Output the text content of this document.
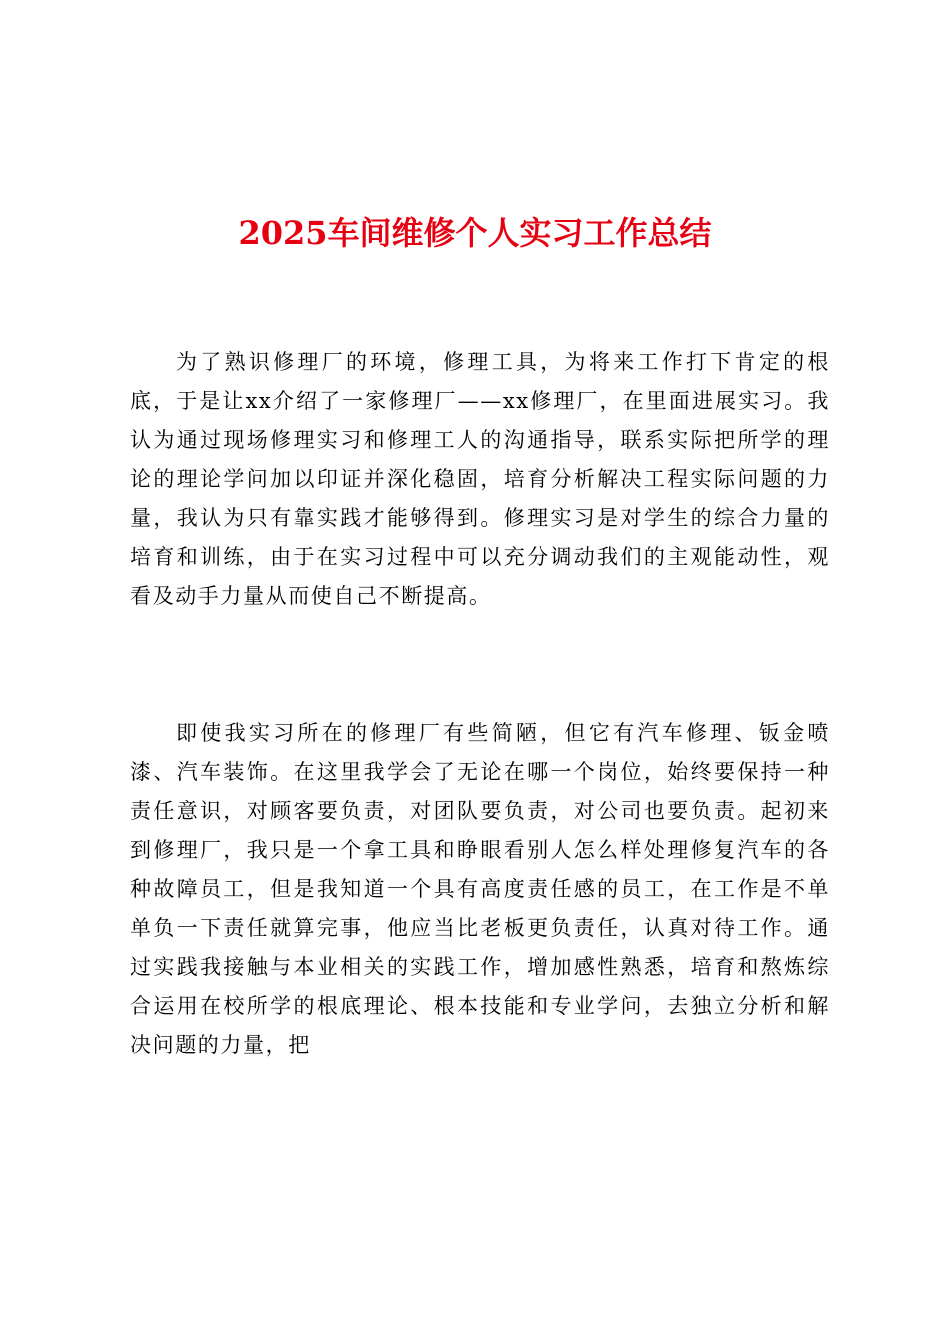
2025车间维修个人实习工作总结

为了熟识修理厂的环境，修理工具，为将来工作打下肯定的根底，于是让xx介绍了一家修理厂——xx修理厂，在里面进展实习。我认为通过现场修理实习和修理工人的沟通指导，联系实际把所学的理论的理论学问加以印证并深化稳固，培育分析解决工程实际问题的力量，我认为只有靠实践才能够得到。修理实习是对学生的综合力量的培育和训练，由于在实习过程中可以充分调动我们的主观能动性，观看及动手力量从而使自己不断提高。

即使我实习所在的修理厂有些简陋，但它有汽车修理、钣金喷漆、汽车装饰。在这里我学会了无论在哪一个岗位，始终要保持一种责任意识，对顾客要负责，对团队要负责，对公司也要负责。起初来到修理厂，我只是一个拿工具和睁眼看别人怎么样处理修复汽车的各种故障员工，但是我知道一个具有高度责任感的员工，在工作是不单单负一下责任就算完事，他应当比老板更负责任，认真对待工作。通过实践我接触与本业相关的实践工作，增加感性熟悉，培育和熬炼综合运用在校所学的根底理论、根本技能和专业学问，去独立分析和解决问题的力量，把
